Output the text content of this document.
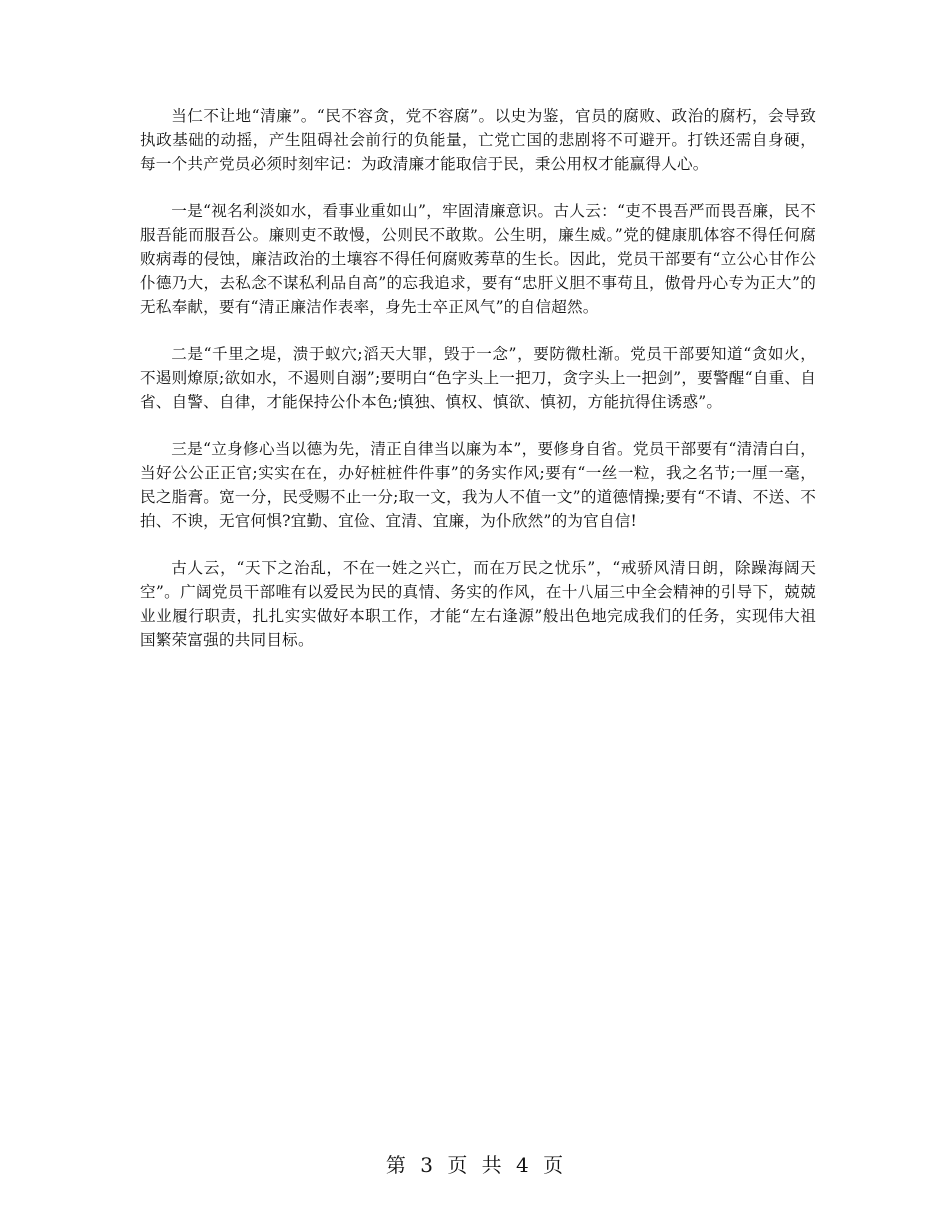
当仁不让地“清廉”。“民不容贪，党不容腐”。以史为鉴，官员的腐败、政治的腐朽，会导致执政基础的动摇，产生阻碍社会前行的负能量，亡党亡国的悲剧将不可避开。打铁还需自身硬，每一个共产党员必须时刻牢记：为政清廉才能取信于民，秉公用权才能赢得人心。

一是“视名利淡如水，看事业重如山”，牢固清廉意识。古人云：“吏不畏吾严而畏吾廉，民不服吾能而服吾公。廉则吏不敢慢，公则民不敢欺。公生明，廉生威。”党的健康肌体容不得任何腐败病毒的侵蚀，廉洁政治的土壤容不得任何腐败莠草的生长。因此，党员干部要有“立公心甘作公仆德乃大，去私念不谋私利品自高”的忘我追求，要有“忠肝义胆不事苟且，傲骨丹心专为正大”的无私奉献，要有“清正廉洁作表率，身先士卒正风气”的自信超然。

二是“千里之堤，溃于蚁穴;滔天大罪，毁于一念”，要防微杜渐。党员干部要知道“贪如火，不遏则燎原;欲如水，不遏则自溺”;要明白“色字头上一把刀，贪字头上一把剑”，要警醒“自重、自省、自警、自律，才能保持公仆本色;慎独、慎权、慎欲、慎初，方能抗得住诱惑”。

三是“立身修心当以德为先，清正自律当以廉为本”，要修身自省。党员干部要有“清清白白，当好公公正正官;实实在在，办好桩桩件件事”的务实作风;要有“一丝一粒，我之名节;一厘一毫，民之脂膏。宽一分，民受赐不止一分;取一文，我为人不值一文”的道德情操;要有“不请、不送、不拍、不谀，无官何惧?宜勤、宜俭、宜清、宜廉，为仆欣然”的为官自信!

古人云，“天下之治乱，不在一姓之兴亡，而在万民之忧乐”，“戒骄风清日朗，除躁海阔天空”。广阔党员干部唯有以爱民为民的真情、务实的作风，在十八届三中全会精神的引导下，兢兢业业履行职责，扎扎实实做好本职工作，才能“左右逢源”般出色地完成我们的任务，实现伟大祖国繁荣富强的共同目标。

第 3 页 共 4 页
